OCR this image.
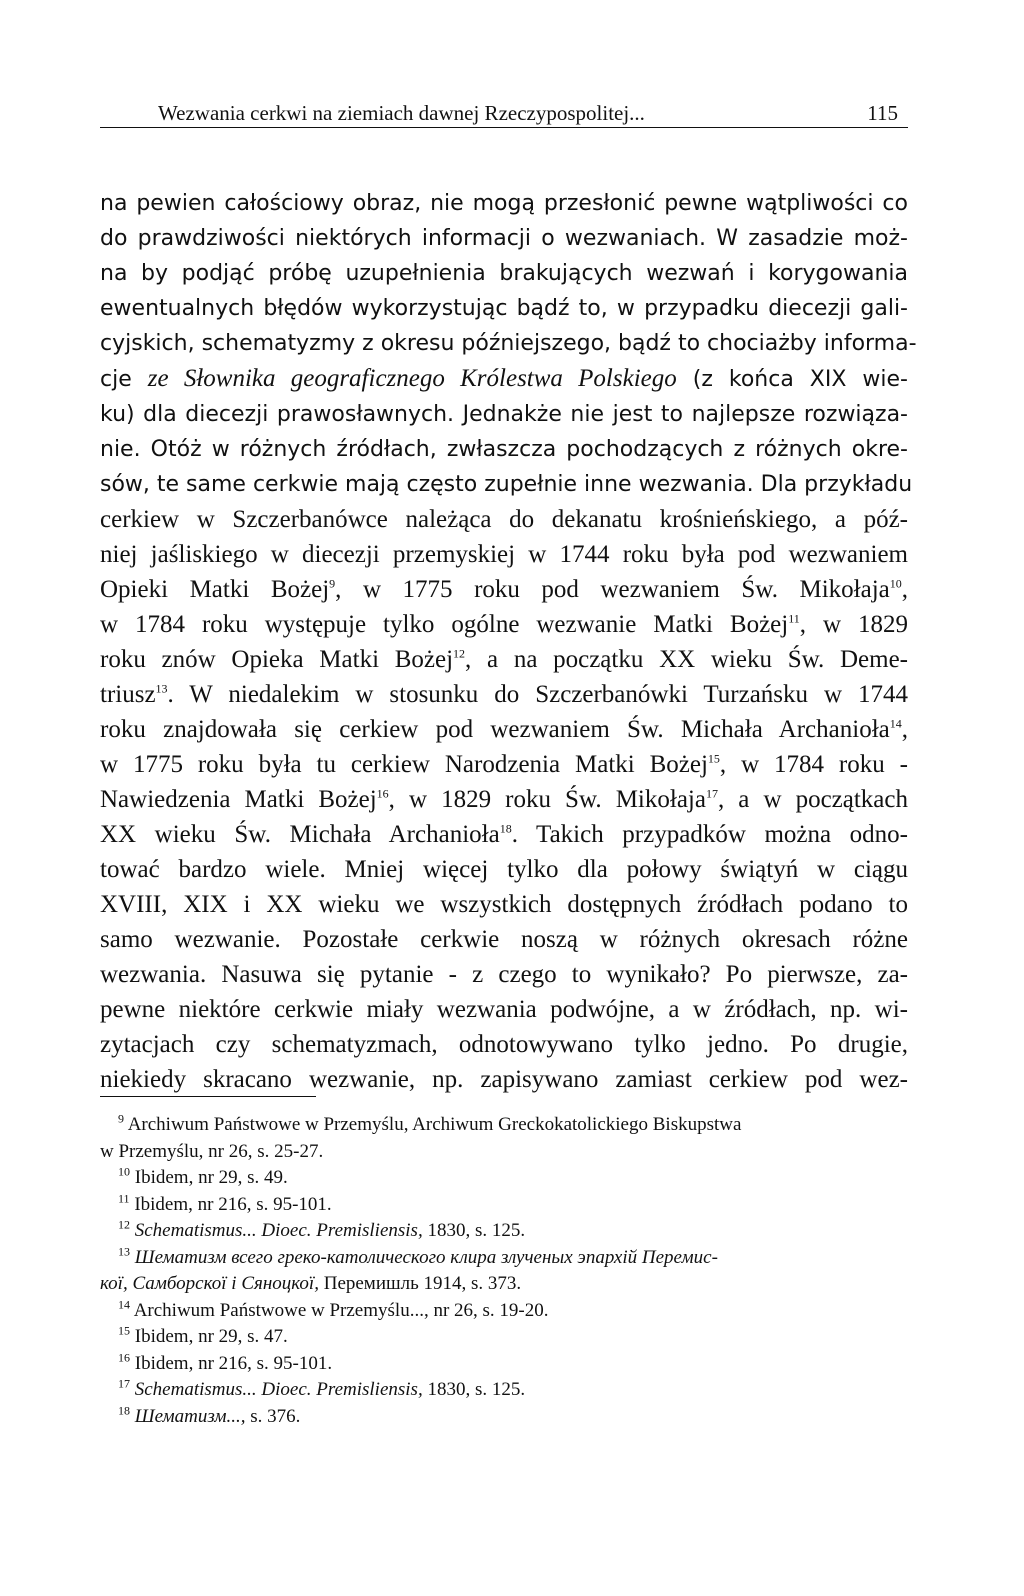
Wezwania cerkwi na ziemiach dawnej Rzeczypospolitej...	115
na pewien całościowy obraz, nie mogą przesłonić pewne wątpliwości co
do prawdziwości niektórych informacji o wezwaniach. W zasadzie moż-
na by podjąć próbę uzupełnienia brakujących wezwań i korygowania
ewentualnych błędów wykorzystując bądź to, w przypadku diecezji gali-
cyjskich, schematyzmy z okresu późniejszego, bądź to chociażby informa-
cje ze Słownika geograficznego Królestwa Polskiego (z końca XIX wie-
ku) dla diecezji prawosławnych. Jednakże nie jest to najlepsze rozwiąza-
nie. Otóż w różnych źródłach, zwłaszcza pochodzących z różnych okre-
sów, te same cerkwie mają często zupełnie inne wezwania. Dla przykładu
cerkiew w Szczerbanówce należąca do dekanatu krośnieńskiego, a póź-
niej jaśliskiego w diecezji przemyskiej w 1744 roku była pod wezwaniem
Opieki Matki Bożej$^9$, w 1775 roku pod wezwaniem Św. Mikołaja$^{10}$,
w 1784 roku występuje tylko ogólne wezwanie Matki Bożej$^{11}$, w 1829
roku znów Opieka Matki Bożej$^{12}$, a na początku XX wieku Św. Deme-
triusz$^{13}$. W niedalekim w stosunku do Szczerbanówki Turzańsku w 1744
roku znajdowała się cerkiew pod wezwaniem Św. Michała Archanioła$^{14}$,
w 1775 roku była tu cerkiew Narodzenia Matki Bożej$^{15}$, w 1784 roku -
Nawiedzenia Matki Bożej$^{16}$, w 1829 roku Św. Mikołaja$^{17}$, a w początkach
XX wieku Św. Michała Archanioła$^{18}$. Takich przypadków można odno-
tować bardzo wiele. Mniej więcej tylko dla połowy świątyń w ciągu
XVIII, XIX i XX wieku we wszystkich dostępnych źródłach podano to
samo wezwanie. Pozostałe cerkwie noszą w różnych okresach różne
wezwania. Nasuwa się pytanie - z czego to wynikało? Po pierwsze, za-
pewne niektóre cerkwie miały wezwania podwójne, a w źródłach, np. wi-
zytacjach czy schematyzmach, odnotowywano tylko jedno. Po drugie,
niekiedy skracano wezwanie, np. zapisywano zamiast cerkiew pod wez-
$^9$ Archiwum Państwowe w Przemyślu, Archiwum Greckokatolickiego Biskupstwa
w Przemyślu, nr 26, s. 25-27.
$^{10}$ Ibidem, nr 29, s. 49.
$^{11}$ Ibidem, nr 216, s. 95-101.
$^{12}$ Schematismus... Dioec. Premisliensis, 1830, s. 125.
$^{13}$ Шематизм всего греко-католического клира злученых эпархій Перемис-
кої, Самборскої і Сяноцкої, Перемишль 1914, s. 373.
$^{14}$ Archiwum Państwowe w Przemyślu..., nr 26, s. 19-20.
$^{15}$ Ibidem, nr 29, s. 47.
$^{16}$ Ibidem, nr 216, s. 95-101.
$^{17}$ Schematismus... Dioec. Premisliensis, 1830, s. 125.
$^{18}$ Шематизм..., s. 376.
